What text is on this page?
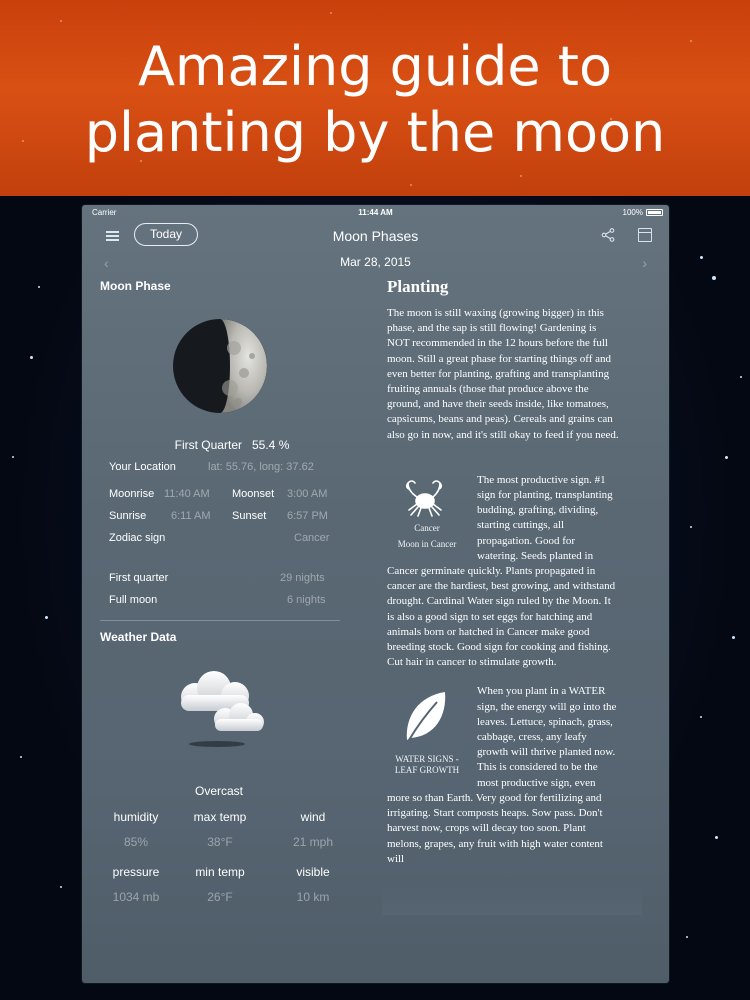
Amazing guide to planting by the moon
Carrier	11:44 AM	100%
Today	Moon Phases
‹	Mar 28, 2015	›
Moon Phase
First Quarter 55.4 %
Your Location	lat: 55.76, long: 37.62
Moonrise 11:40 AM Moonset 3:00 AM
Sunrise 6:11 AM Sunset 6:57 PM
Zodiac sign	Cancer
First quarter	29 nights
Full moon	6 nights
Weather Data
Overcast
humidity	max temp	wind
85%	38°F	21 mph
pressure	min temp	visible
1034 mb	26°F	10 km
Planting

The moon is still waxing (growing bigger) in this phase, and the sap is still flowing! Gardening is NOT recommended in the 12 hours before the full moon. Still a great phase for starting things off and even better for planting, grafting and transplanting fruiting annuals (those that produce above the ground, and have their seeds inside, like tomatoes, capsicums, beans and peas). Cereals and grains can also go in now, and it's still okay to feed if you need.

Cancer
Moon in Cancer

The most productive sign. #1 sign for planting, transplanting budding, grafting, dividing, starting cuttings, all propagation. Good for watering. Seeds planted in Cancer germinate quickly. Plants propagated in cancer are the hardiest, best growing, and withstand drought. Cardinal Water sign ruled by the Moon. It is also a good sign to set eggs for hatching and animals born or hatched in Cancer make good breeding stock. Good sign for cooking and fishing. Cut hair in cancer to stimulate growth.

WATER SIGNS - LEAF GROWTH

When you plant in a WATER sign, the energy will go into the leaves. Lettuce, spinach, grass, cabbage, cress, any leafy growth will thrive planted now. This is considered to be the most productive sign, even more so than Earth. Very good for fertilizing and irrigating. Start composts heaps. Sow pass. Don't harvest now, crops will decay too soon. Plant melons, grapes, any fruit with high water content will
